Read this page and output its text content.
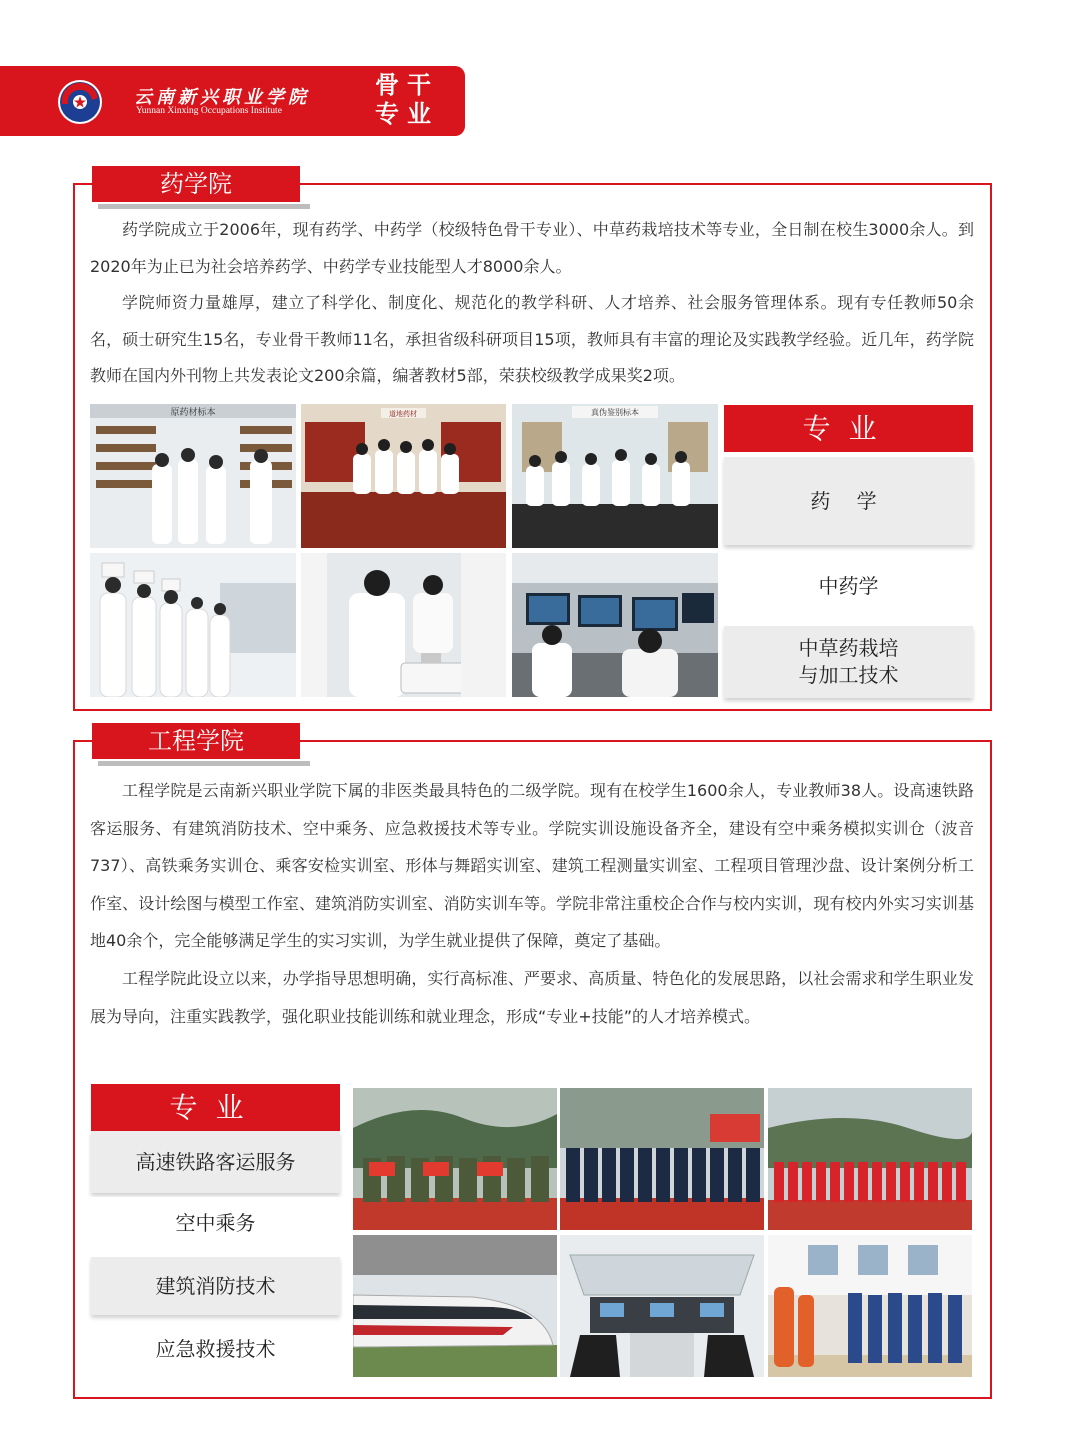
云南新兴职业学院
Yunnan Xinxing Occupations Institute
骨干
专业
药学院

药学院成立于2006年，现有药学、中药学（校级特色骨干专业）、中草药栽培技术等专业，全日制在校生3000余人。到2020年为止已为社会培养药学、中药学专业技能型人才8000余人。

学院师资力量雄厚，建立了科学化、制度化、规范化的教学科研、人才培养、社会服务管理体系。现有专任教师50余名，硕士研究生15名，专业骨干教师11名，承担省级科研项目15项，教师具有丰富的理论及实践教学经验。近几年，药学院教师在国内外刊物上共发表论文200余篇，编著教材5部，荣获校级教学成果奖2项。

原药材标本	道地药材	真伪鉴别标本	专业
药 学
中药学
中草药栽培
与加工技术
工程学院

工程学院是云南新兴职业学院下属的非医类最具特色的二级学院。现有在校学生1600余人，专业教师38人。设高速铁路客运服务、有建筑消防技术、空中乘务、应急救援技术等专业。学院实训设施设备齐全，建设有空中乘务模拟实训仓（波音737）、高铁乘务实训仓、乘客安检实训室、形体与舞蹈实训室、建筑工程测量实训室、工程项目管理沙盘、设计案例分析工作室、设计绘图与模型工作室、建筑消防实训室、消防实训车等。学院非常注重校企合作与校内实训，现有校内外实习实训基地40余个，完全能够满足学生的实习实训，为学生就业提供了保障，奠定了基础。

工程学院此设立以来，办学指导思想明确，实行高标准、严要求、高质量、特色化的发展思路，以社会需求和学生职业发展为导向，注重实践教学，强化职业技能训练和就业理念，形成“专业+技能”的人才培养模式。

专业
高速铁路客运服务
空中乘务
建筑消防技术
应急救援技术
